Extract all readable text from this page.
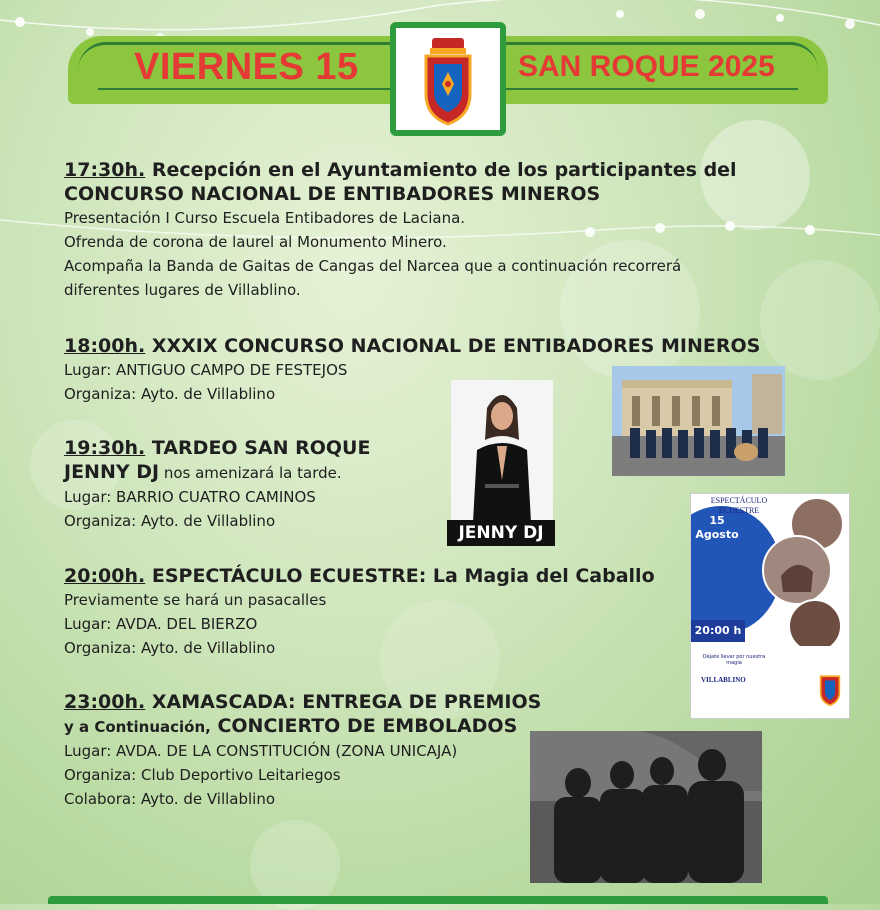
VIERNES 15	SAN ROQUE 2025
17:30h. Recepción en el Ayuntamiento de los participantes del
CONCURSO NACIONAL DE ENTIBADORES MINEROS
Presentación I Curso Escuela Entibadores de Laciana.
Ofrenda de corona de laurel al Monumento Minero.
Acompaña la Banda de Gaitas de Cangas del Narcea que a continuación recorrerá
diferentes lugares de Villablino.
18:00h. XXXIX CONCURSO NACIONAL DE ENTIBADORES MINEROS
Lugar: ANTIGUO CAMPO DE FESTEJOS
Organiza: Ayto. de Villablino
19:30h. TARDEO SAN ROQUE
JENNY DJ nos amenizará la tarde.
Lugar: BARRIO CUATRO CAMINOS
Organiza: Ayto. de Villablino
20:00h. ESPECTÁCULO ECUESTRE: La Magia del Caballo
Previamente se hará un pasacalles
Lugar: AVDA. DEL BIERZO
Organiza: Ayto. de Villablino
23:00h. XAMASCADA: ENTREGA DE PREMIOS
y a Continuación, CONCIERTO DE EMBOLADOS
Lugar: AVDA. DE LA CONSTITUCIÓN (ZONA UNICAJA)
Organiza: Club Deportivo Leitariegos
Colabora: Ayto. de Villablino
JENNY DJ
ESPECTÁCULO ECUESTRE
15 Agosto
20:00 h
Déjate llevar por nuestra magia
VILLABLINO
